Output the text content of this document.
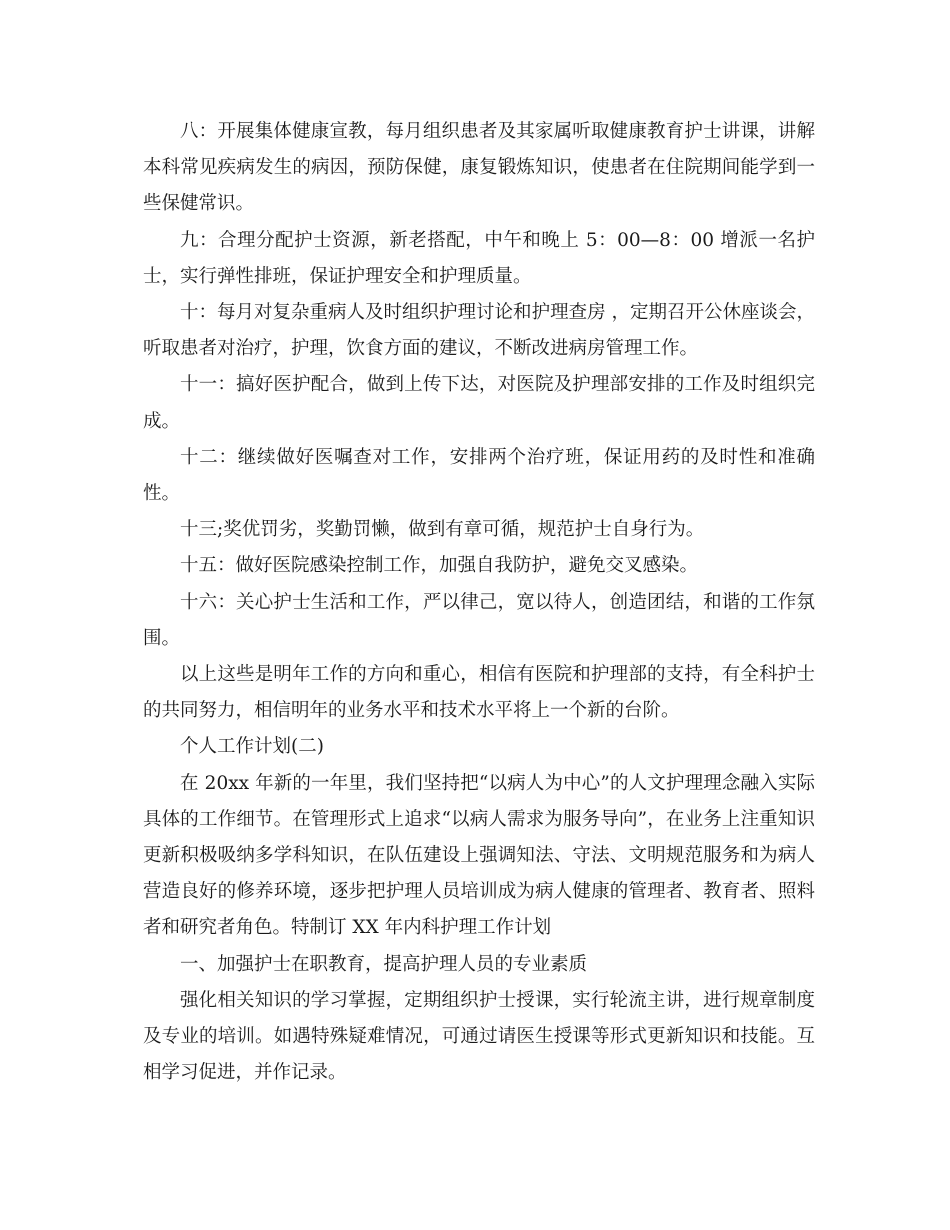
八：开展集体健康宣教，每月组织患者及其家属听取健康教育护士讲课，讲解本科常见疾病发生的病因，预防保健，康复锻炼知识，使患者在住院期间能学到一些保健常识。

九：合理分配护士资源，新老搭配，中午和晚上 5：00—8：00 增派一名护士，实行弹性排班，保证护理安全和护理质量。

十：每月对复杂重病人及时组织护理讨论和护理查房 ，定期召开公休座谈会，听取患者对治疗，护理，饮食方面的建议，不断改进病房管理工作。

十一：搞好医护配合，做到上传下达，对医院及护理部安排的工作及时组织完成。

十二：继续做好医嘱查对工作，安排两个治疗班，保证用药的及时性和准确性。

十三;奖优罚劣，奖勤罚懒，做到有章可循，规范护士自身行为。

十五：做好医院感染控制工作，加强自我防护，避免交叉感染。

十六：关心护士生活和工作，严以律己，宽以待人，创造团结，和谐的工作氛围。

以上这些是明年工作的方向和重心，相信有医院和护理部的支持，有全科护士的共同努力，相信明年的业务水平和技术水平将上一个新的台阶。

个人工作计划(二)

在 20xx 年新的一年里，我们坚持把“以病人为中心”的人文护理理念融入实际具体的工作细节。在管理形式上追求“以病人需求为服务导向”，在业务上注重知识更新积极吸纳多学科知识，在队伍建设上强调知法、守法、文明规范服务和为病人营造良好的修养环境，逐步把护理人员培训成为病人健康的管理者、教育者、照料者和研究者角色。特制订 XX 年内科护理工作计划

一、加强护士在职教育，提高护理人员的专业素质

强化相关知识的学习掌握，定期组织护士授课，实行轮流主讲，进行规章制度及专业的培训。如遇特殊疑难情况，可通过请医生授课等形式更新知识和技能。互相学习促进，并作记录。
